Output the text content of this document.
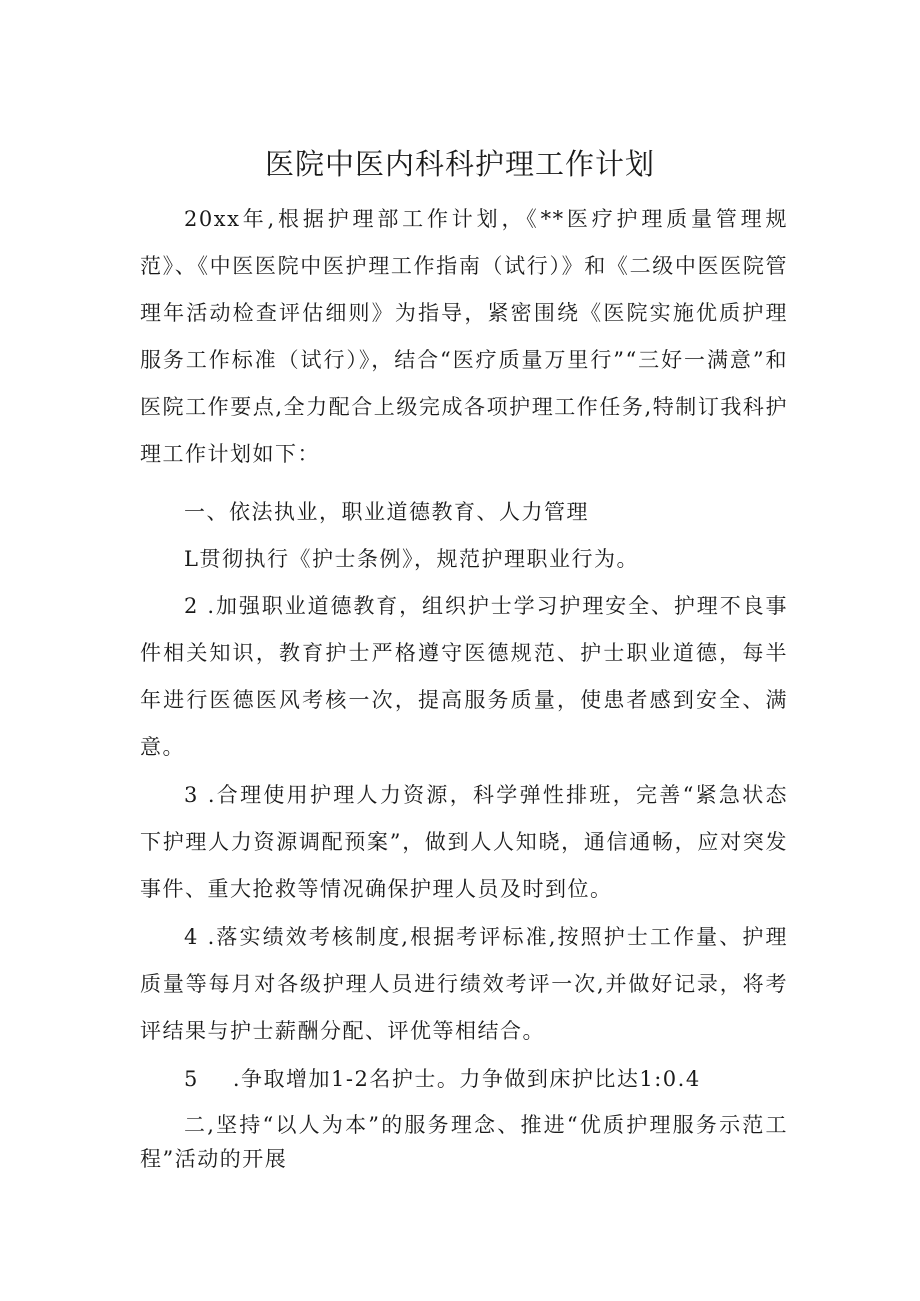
医院中医内科科护理工作计划

20xx年,根据护理部工作计划，《**医疗护理质量管理规范》、《中医医院中医护理工作指南（试行）》和《二级中医医院管理年活动检查评估细则》为指导，紧密围绕《医院实施优质护理服务工作标准（试行）》，结合“医疗质量万里行”“三好一满意”和医院工作要点,全力配合上级完成各项护理工作任务,特制订我科护理工作计划如下：

一、依法执业，职业道德教育、人力管理

L贯彻执行《护士条例》，规范护理职业行为。

2 .加强职业道德教育，组织护士学习护理安全、护理不良事件相关知识，教育护士严格遵守医德规范、护士职业道德，每半年进行医德医风考核一次，提高服务质量，使患者感到安全、满意。

3 .合理使用护理人力资源，科学弹性排班，完善“紧急状态下护理人力资源调配预案”，做到人人知晓，通信通畅，应对突发事件、重大抢救等情况确保护理人员及时到位。

4 .落实绩效考核制度,根据考评标准,按照护士工作量、护理质量等每月对各级护理人员进行绩效考评一次,并做好记录，将考评结果与护士薪酬分配、评优等相结合。

5 .争取增加1-2名护士。力争做到床护比达1:0.4

二,坚持“以人为本”的服务理念、推进“优质护理服务示范工程”活动的开展
